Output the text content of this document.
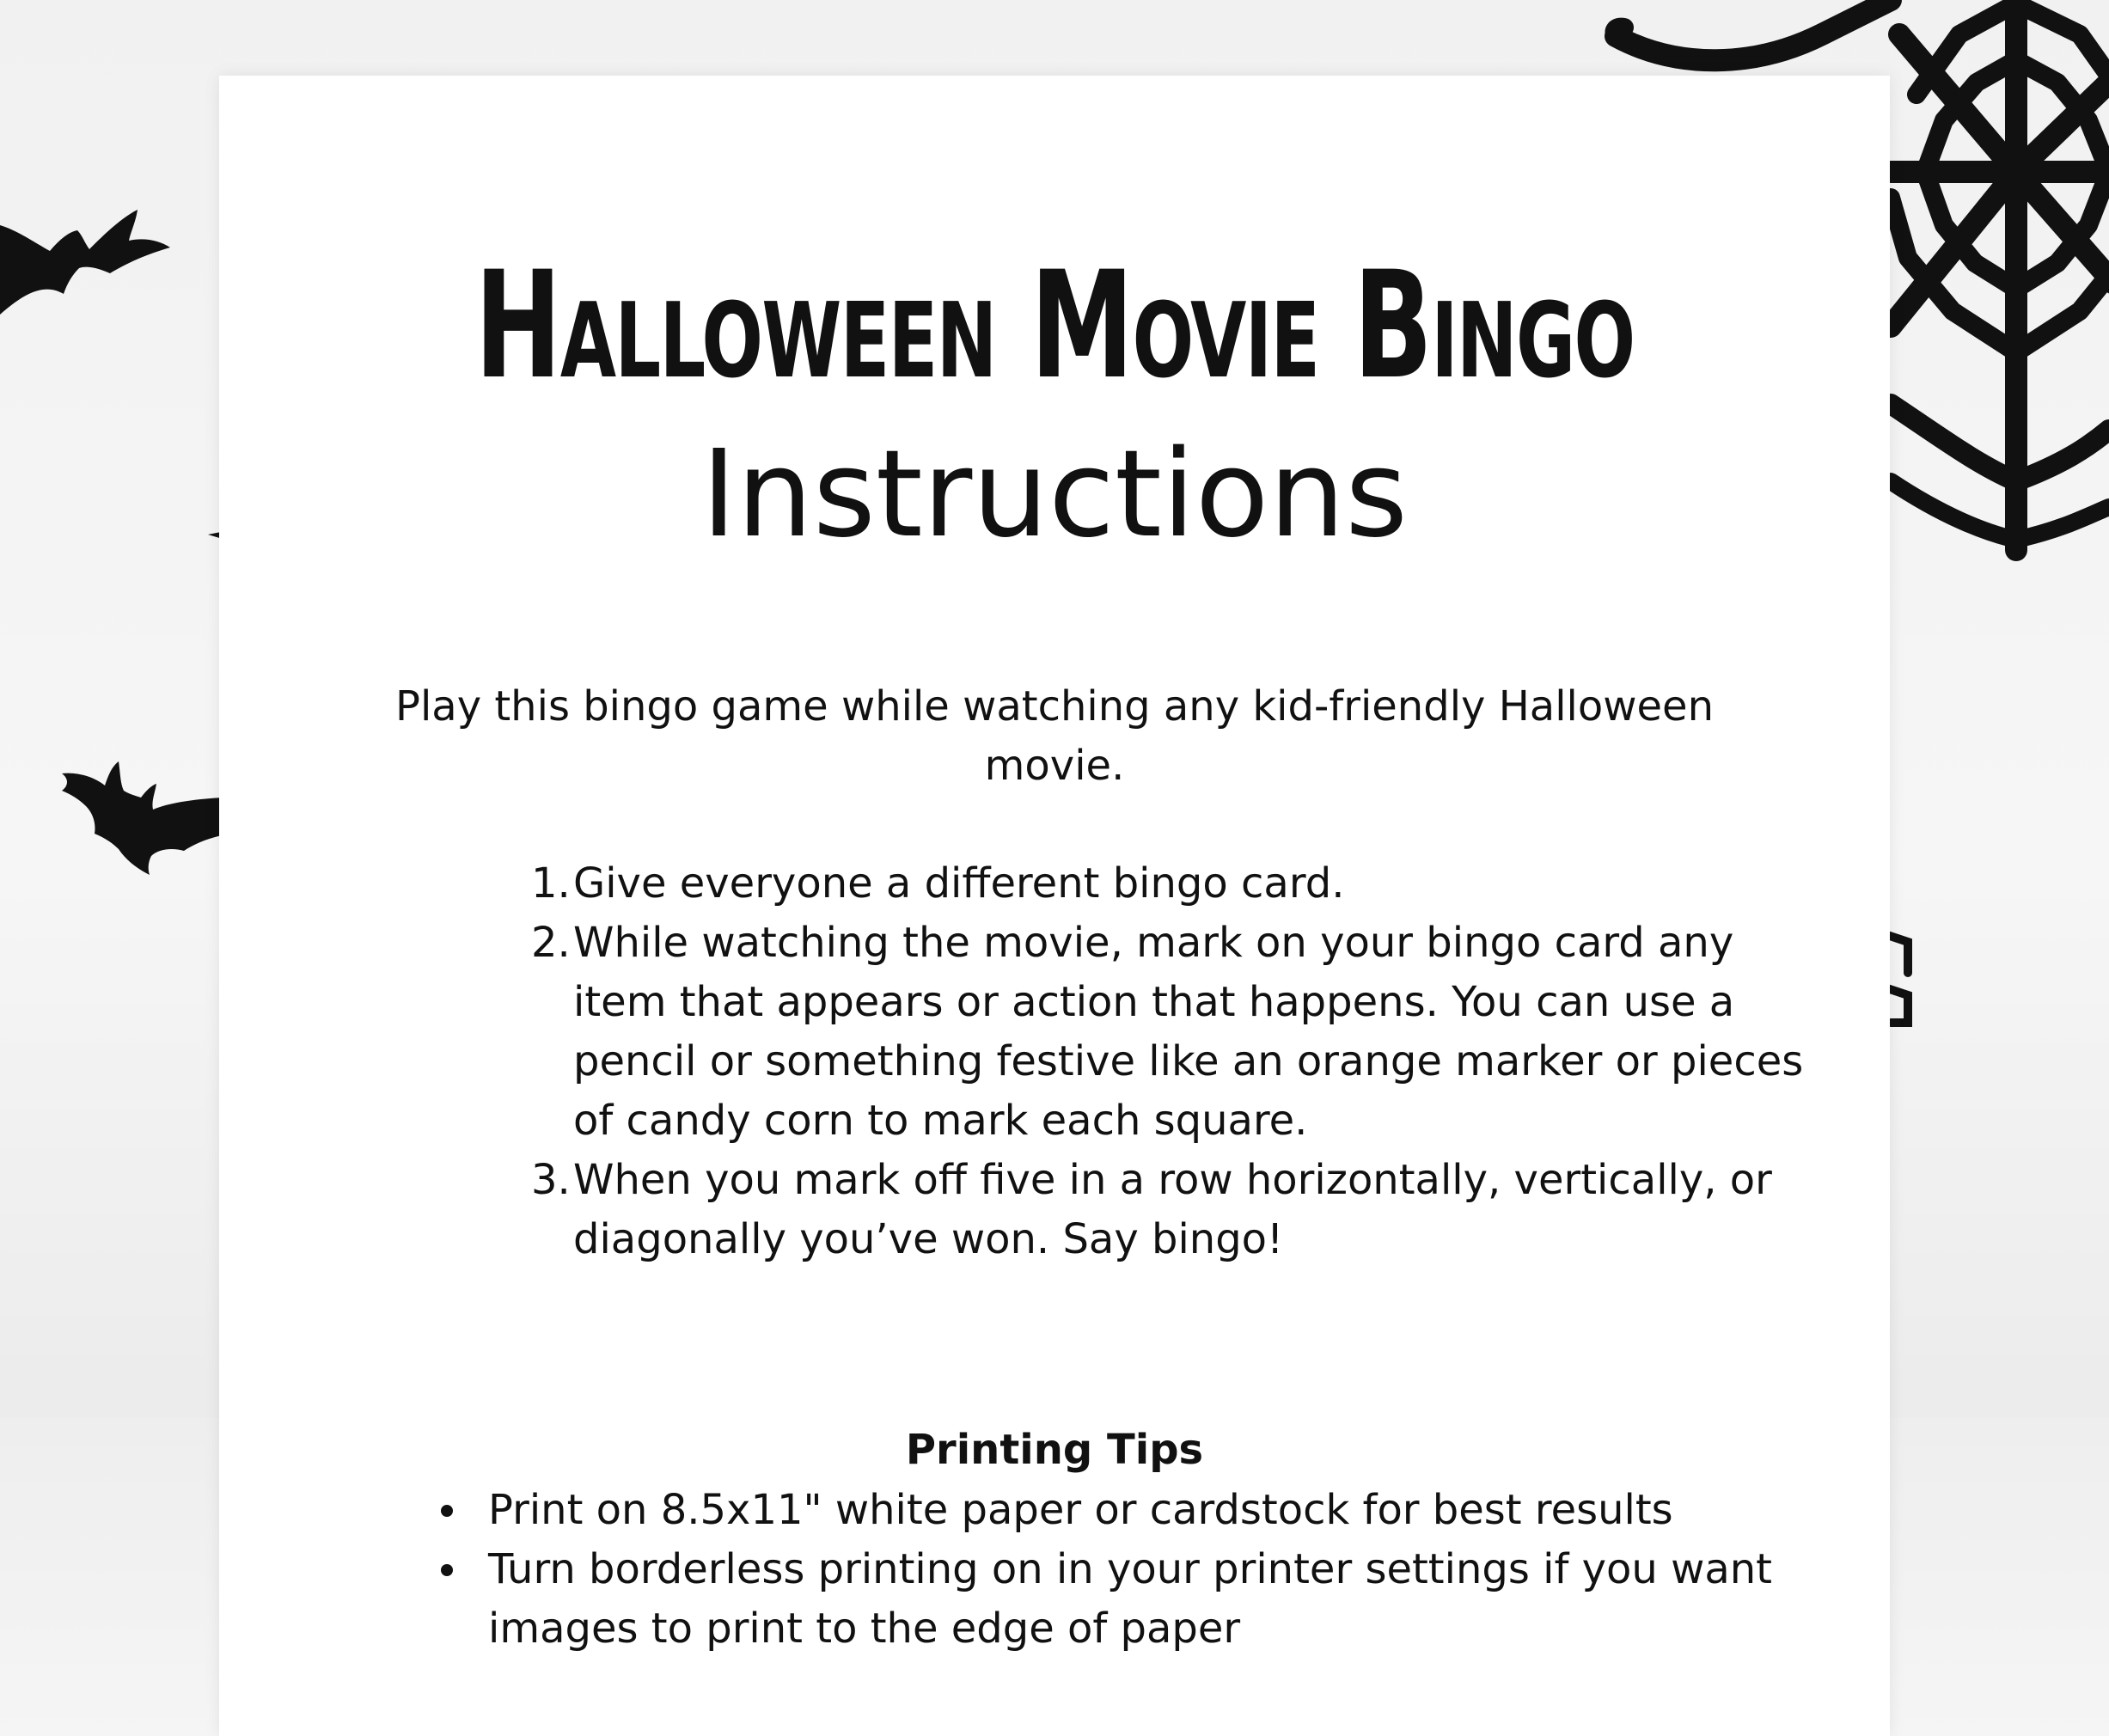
Halloween Movie Bingo
Instructions

Play this bingo game while watching any kid-friendly Halloween movie.

1. Give everyone a different bingo card.
2. While watching the movie, mark on your bingo card any item that appears or action that happens. You can use a pencil or something festive like an orange marker or pieces of candy corn to mark each square.
3. When you mark off five in a row horizontally, vertically, or diagonally you’ve won. Say bingo!
Printing Tips
Print on 8.5x11" white paper or cardstock for best results
Turn borderless printing on in your printer settings if you want images to print to the edge of paper
